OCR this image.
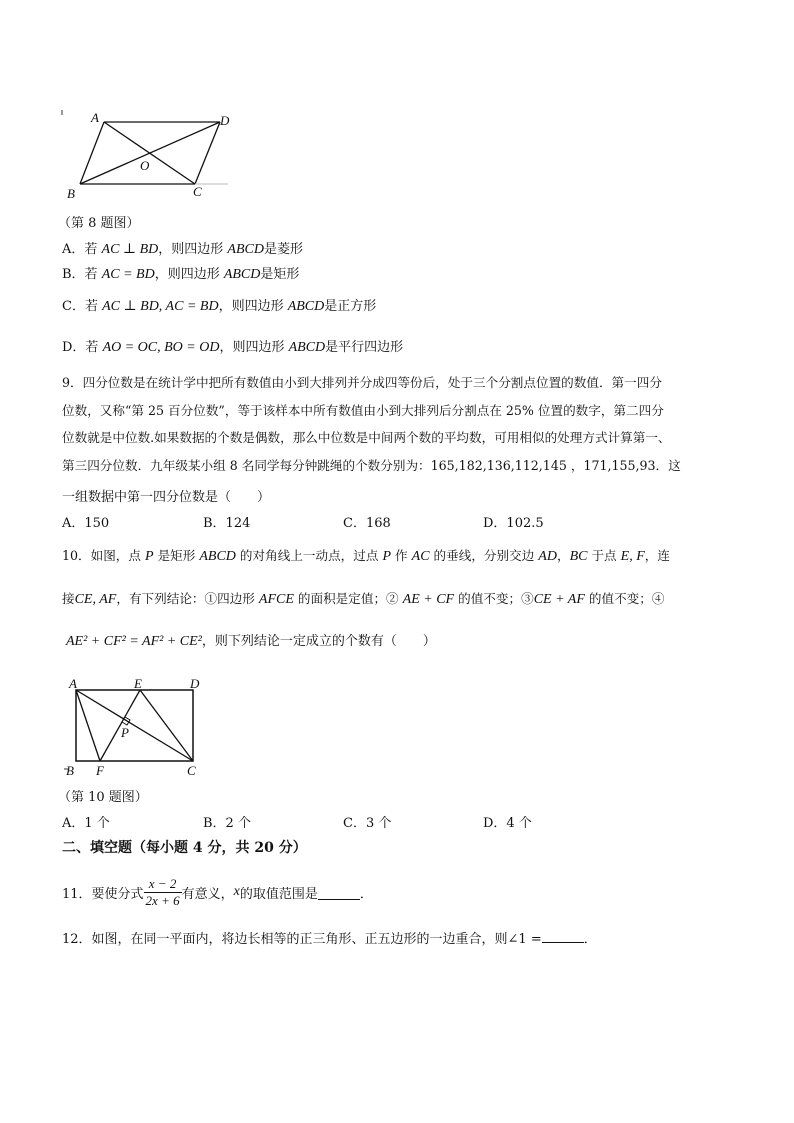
A	D
O
B	C
（第 8 题图）
A．若 AC ⊥ BD，则四边形 ABCD是菱形
B．若 AC = BD，则四边形 ABCD是矩形
C．若 AC ⊥ BD, AC = BD，则四边形 ABCD是正方形
D．若 AO = OC, BO = OD，则四边形 ABCD是平行四边形
9．四分位数是在统计学中把所有数值由小到大排列并分成四等份后，处于三个分割点位置的数值．第一四分
位数，又称“第 25 百分位数”，等于该样本中所有数值由小到大排列后分割点在 25% 位置的数字，第二四分
位数就是中位数.如果数据的个数是偶数，那么中位数是中间两个数的平均数，可用相似的处理方式计算第一、
第三四分位数．九年级某小组 8 名同学每分钟跳绳的个数分别为：165,182,136,112,145 ，171,155,93．这
一组数据中第一四分位数是（　　）
A．150	B．124	C．168	D．102.5
10．如图，点 P 是矩形 ABCD 的对角线上一动点，过点 P 作 AC 的垂线，分别交边 AD，BC 于点 E, F，连
接CE, AF，有下列结论：①四边形 AFCE 的面积是定值；② AE + CF 的值不变；③CE + AF 的值不变；④
AE² + CF² = AF² + CE²，则下列结论一定成立的个数有（　　）
A	E	D
P
B F	C
（第 10 题图）
A．1 个	B．2 个	C．3 个	D．4 个
二、填空题（每小题 4 分，共 20 分）
11．要使分式 $\frac{x - 2}{2x + 6}$ 有意义， x 的取值范围是	．
12．如图，在同一平面内，将边长相等的正三角形、正五边形的一边重合，则∠1 =	．
